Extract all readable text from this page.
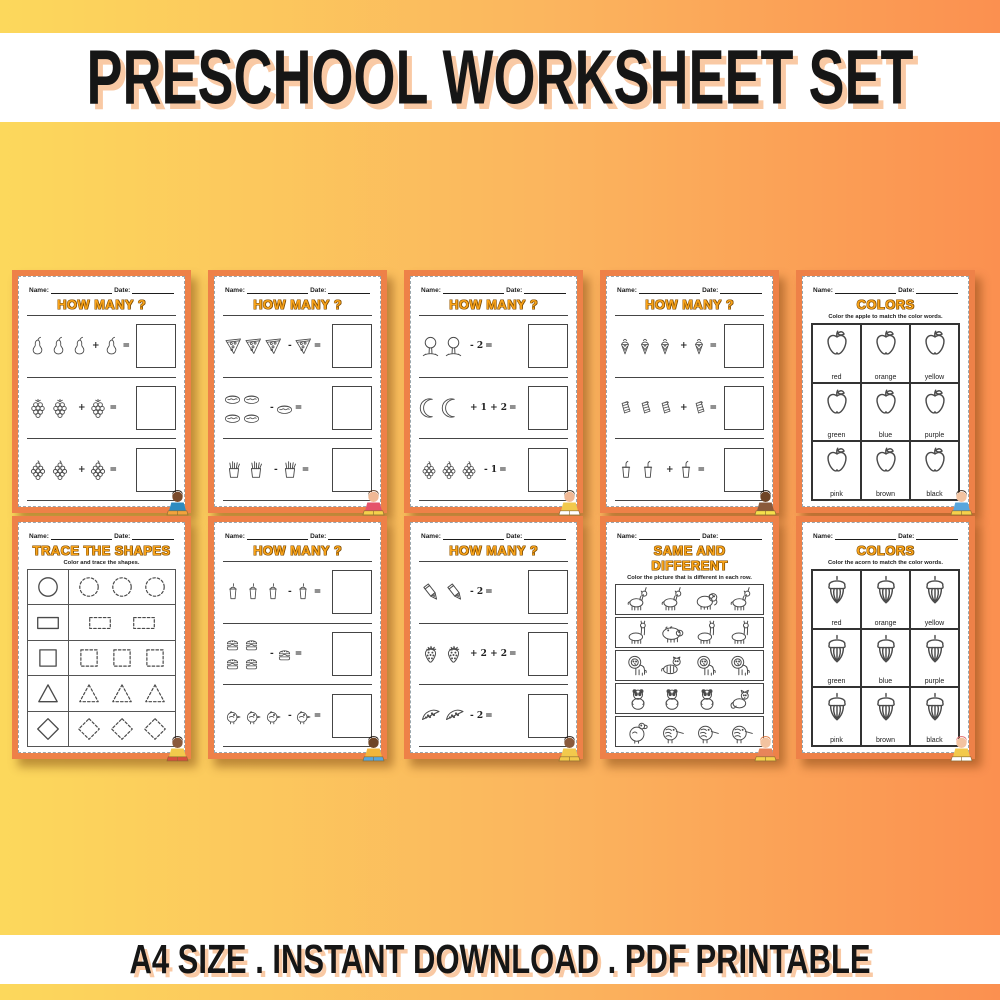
PRESCHOOL WORKSHEET SET
Name:	Date:
HOW MANY ?
+	=
+	=
+	=
Name:	Date:
HOW MANY ?
- =
- =
-	=
Name:	Date:
HOW MANY ?
- 2 =
+ 1 + 2 =
- 1 =
Name:	Date:
HOW MANY ?
+ =
+ =
+	=
Name:	Date:
COLORS
Color the apple to match the color words.
red	orange	yellow
green	blue	purple
pink	brown	black
Name:	Date:
TRACE THE SHAPES
Color and trace the shapes.
Name:	Date:
HOW MANY ?
- =
- =
- =
Name:	Date:
HOW MANY ?
- 2 =
+ 2 + 2 =
- 2 =
Name:	Date:
SAME AND DIFFERENT
Color the picture that is different in each row.
Name:	Date:
COLORS
Color the acorn to match the color words.
red	orange	yellow
green	blue	purple
pink	brown	black
A4 SIZE . INSTANT DOWNLOAD . PDF PRINTABLE
